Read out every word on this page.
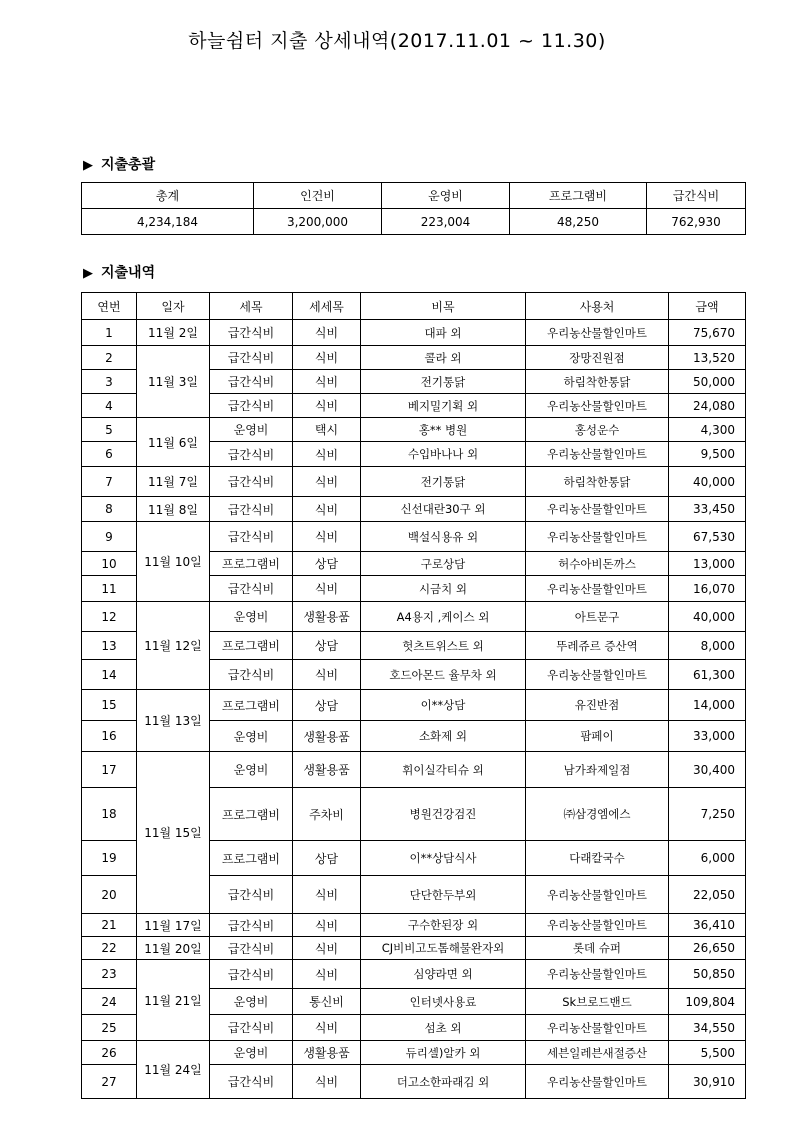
하늘쉼터 지출 상세내역(2017.11.01 ~ 11.30)
▶ 지출총괄
총계	인건비	운영비	프로그램비	급간식비
4,234,184	3,200,000	223,004	48,250	762,930
▶ 지출내역
연번	일자	세목	세세목	비목	사용처	금액
1	11월 2일	급간식비	식비	대파 외	우리농산물할인마트	75,670
2	11월 3일	급간식비	식비	콜라 외	장망진원점	13,520
3		급간식비	식비	전기통닭	하림착한통닭	50,000
4		급간식비	식비	베지밀기획 외	우리농산물할인마트	24,080
5	11월 6일	운영비	택시	홍** 병원	홍성운수	4,300
6		급간식비	식비	수입바나나 외	우리농산물할인마트	9,500
7	11월 7일	급간식비	식비	전기통닭	하림착한통닭	40,000
8	11월 8일	급간식비	식비	신선대란30구 외	우리농산물할인마트	33,450
9	11월 10일	급간식비	식비	백설식용유 외	우리농산물할인마트	67,530
10		프로그램비	상담	구로상담	허수아비돈까스	13,000
11		급간식비	식비	시금치 외	우리농산물할인마트	16,070
12	11월 12일	운영비	생활용품	A4용지 ,케이스 외	아트문구	40,000
13		프로그램비	상담	헛츠트위스트 외	뚜레쥬르 증산역	8,000
14		급간식비	식비	호드아몬드 율무차 외	우리농산물할인마트	61,300
15	11월 13일	프로그램비	상담	이**상담	유진반점	14,000
16		운영비	생활용품	소화제 외	팜페이	33,000
17	11월 15일	운영비	생활용품	휘이실각티슈 외	남가좌제일점	30,400
18		프로그램비	주차비	병원건강검진	㈜삼경엠에스	7,250
19		프로그램비	상담	이**상담식사	다래칼국수	6,000
20		급간식비	식비	단단한두부외	우리농산물할인마트	22,050
21	11월 17일	급간식비	식비	구수한된장 외	우리농산물할인마트	36,410
22	11월 20일	급간식비	식비	CJ비비고도톰해물완자외	롯데 슈퍼	26,650
23	11월 21일	급간식비	식비	심양라면 외	우리농산물할인마트	50,850
24		운영비	통신비	인터넷사용료	Sk브로드밴드	109,804
25		급간식비	식비	섬초 외	우리농산물할인마트	34,550
26	11월 24일	운영비	생활용품	듀리셀)알카 외	세븐일레븐새절증산	5,500
27		급간식비	식비	더고소한파래김 외	우리농산물할인마트	30,910
